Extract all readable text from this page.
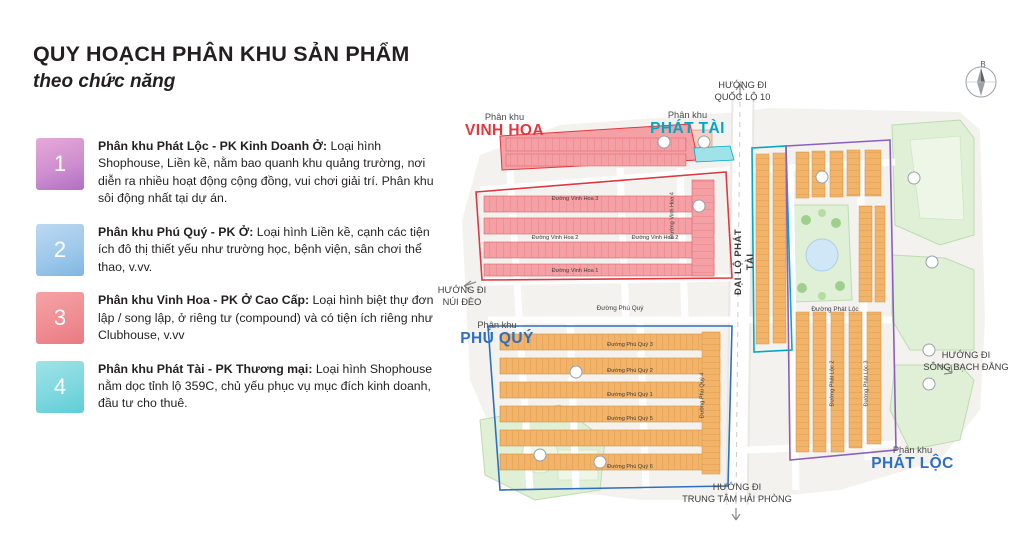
QUY HOẠCH PHÂN KHU SẢN PHẨM
theo chức năng
1
Phân khu Phát Lộc - PK Kinh Doanh Ở: Loại hình Shophouse, Liền kề, nằm bao quanh khu quảng trường, nơi diễn ra nhiều hoạt động cộng đồng, vui chơi giải trí. Phân khu sôi động nhất tại dự án.
2
Phân khu Phú Quý - PK Ở: Loại hình Liền kề, cạnh các tiện ích đô thị thiết yếu như trường học, bệnh viện, sân chơi thể thao, v.vv.
3
Phân khu Vinh Hoa - PK Ở Cao Cấp: Loại hình biệt thự đơn lập / song lập, ở riêng tư (compound) và có tiện ích riêng như Clubhouse, v.vv
4
Phân khu Phát Tài - PK Thương mại: Loại hình Shophouse nằm dọc tỉnh lộ 359C, chủ yếu phục vụ mục đích kinh doanh, đầu tư cho thuê.
Phân khu
VINH HOA
Phân khu
PHÁT TÀI
Phân khu
PHÚ QUÝ
Phân khu
PHÁT LỘC
HƯỚNG ĐI
QUỐC LỘ 10
HƯỚNG ĐI
NÚI ĐÈO
HƯỚNG ĐI
SÔNG BẠCH ĐẰNG
HƯỚNG ĐI
TRUNG TÂM HẢI PHÒNG
ĐẠI LỘ PHÁT TÀI
Đường Vinh Hoa 3
Đường Vinh Hoa 2	Đường Vinh Hoa 2
Đường Vinh Hoa 1
Đường Phú Quý
Đường Phú Quý 3
Đường Phú Quý 2
Đường Phú Quý 1
Đường Phú Quý 5
Đường Phú Quý 6
Đường Phát Lộc
Đường Vinh Hoa 4
Đường Phú Quý 4	Đường Phát Lộc 2	Đường Phát Lộc 3
B
